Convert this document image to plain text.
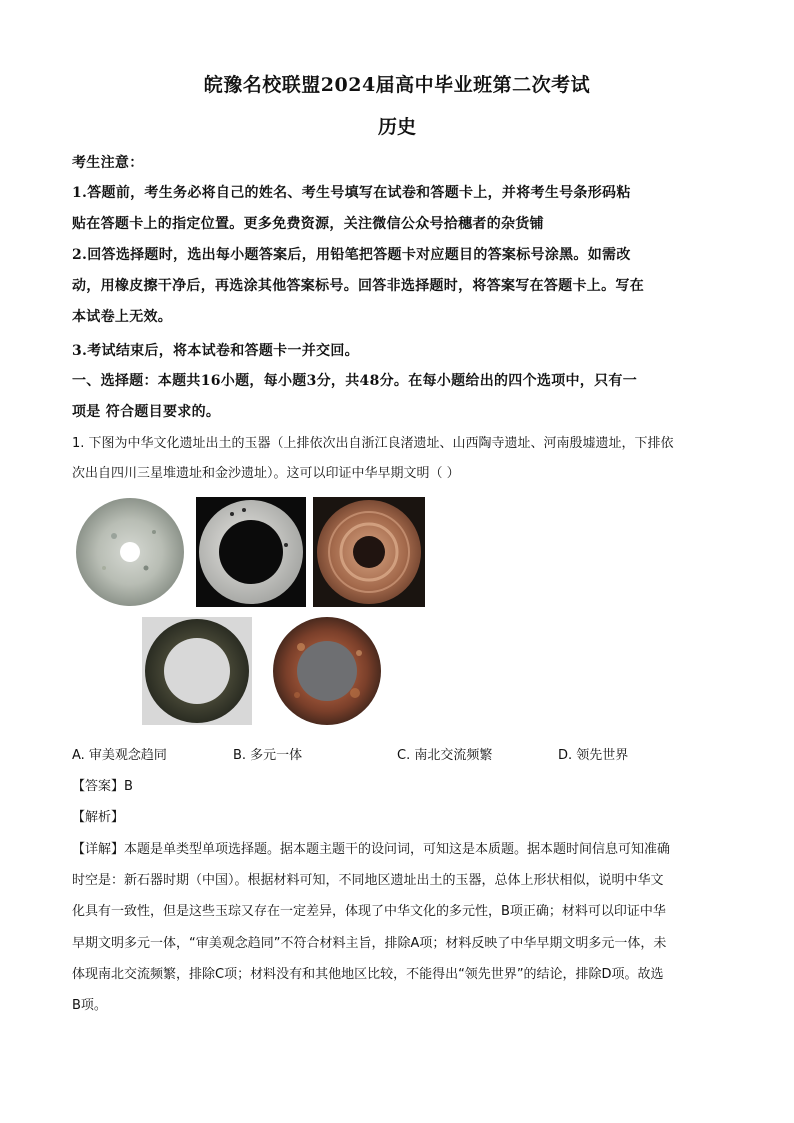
皖豫名校联盟2024届高中毕业班第二次考试
历史
考生注意：
1.答题前，考生务必将自己的姓名、考生号填写在试卷和答题卡上，并将考生号条形码粘
贴在答题卡上的指定位置。更多免费资源，关注微信公众号拾穗者的杂货铺
2.回答选择题时，选出每小题答案后，用铅笔把答题卡对应题目的答案标号涂黑。如需改
动，用橡皮擦干净后，再选涂其他答案标号。回答非选择题时，将答案写在答题卡上。写在
本试卷上无效。
3.考试结束后，将本试卷和答题卡一并交回。
一、选择题：本题共16小题，每小题3分，共48分。在每小题给出的四个选项中，只有一
项是 符合题目要求的。
1. 下图为中华文化遗址出土的玉器（上排依次出自浙江良渚遗址、山西陶寺遗址、河南殷墟遗址，下排依
次出自四川三星堆遗址和金沙遗址）。这可以印证中华早期文明（ ）
A. 审美观念趋同	B. 多元一体	C. 南北交流频繁	D. 领先世界
【答案】B
【解析】
【详解】本题是单类型单项选择题。据本题主题干的设问词，可知这是本质题。据本题时间信息可知准确
时空是：新石器时期（中国）。根据材料可知，不同地区遗址出土的玉器，总体上形状相似，说明中华文
化具有一致性，但是这些玉琮又存在一定差异，体现了中华文化的多元性，B项正确；材料可以印证中华
早期文明多元一体，“审美观念趋同”不符合材料主旨，排除A项；材料反映了中华早期文明多元一体，未
体现南北交流频繁，排除C项；材料没有和其他地区比较，不能得出“领先世界”的结论，排除D项。故选
B项。
